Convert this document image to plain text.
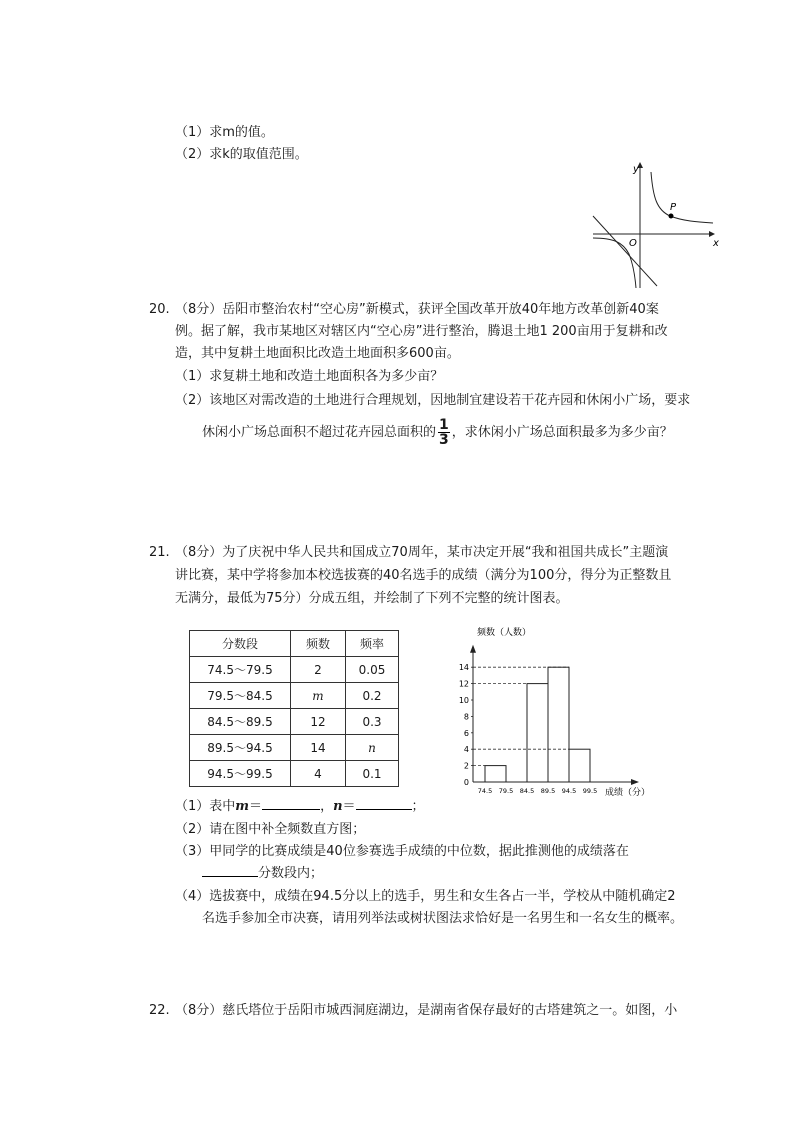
（1）求m的值。
（2）求k的取值范围。
y
x
O
P
20. （8分）岳阳市整治农村“空心房”新模式，获评全国改革开放40年地方改革创新40案
例。据了解，我市某地区对辖区内“空心房”进行整治，腾退土地1 200亩用于复耕和改
造，其中复耕土地面积比改造土地面积多600亩。
（1）求复耕土地和改造土地面积各为多少亩？
（2）该地区对需改造的土地进行合理规划，因地制宜建设若干花卉园和休闲小广场，要求
休闲小广场总面积不超过花卉园总面积的 $\frac{1}{3}$ ，求休闲小广场总面积最多为多少亩？
21. （8分）为了庆祝中华人民共和国成立70周年，某市决定开展“我和祖国共成长”主题演
讲比赛，某中学将参加本校选拔赛的40名选手的成绩（满分为100分，得分为正整数且
无满分，最低为75分）分成五组，并绘制了下列不完整的统计图表。
分数段	频数	频率
74.5～79.5	2	0.05
79.5～84.5	m	0.2
84.5～89.5	12	0.3
89.5～94.5	14	n
94.5～99.5	4	0.1
0
2
4
6
8
10
12
14
74.5 79.5 84.5 89.5 94.5 99.5
频数（人数）
成绩（分）
（1）表中m＝	，n＝	；
（2）请在图中补全频数直方图；
（3）甲同学的比赛成绩是40位参赛选手成绩的中位数，据此推测他的成绩落在
分数段内；
（4）选拔赛中，成绩在94.5分以上的选手，男生和女生各占一半，学校从中随机确定2
名选手参加全市决赛，请用列举法或树状图法求恰好是一名男生和一名女生的概率。
22. （8分）慈氏塔位于岳阳市城西洞庭湖边，是湖南省保存最好的古塔建筑之一。如图，小
